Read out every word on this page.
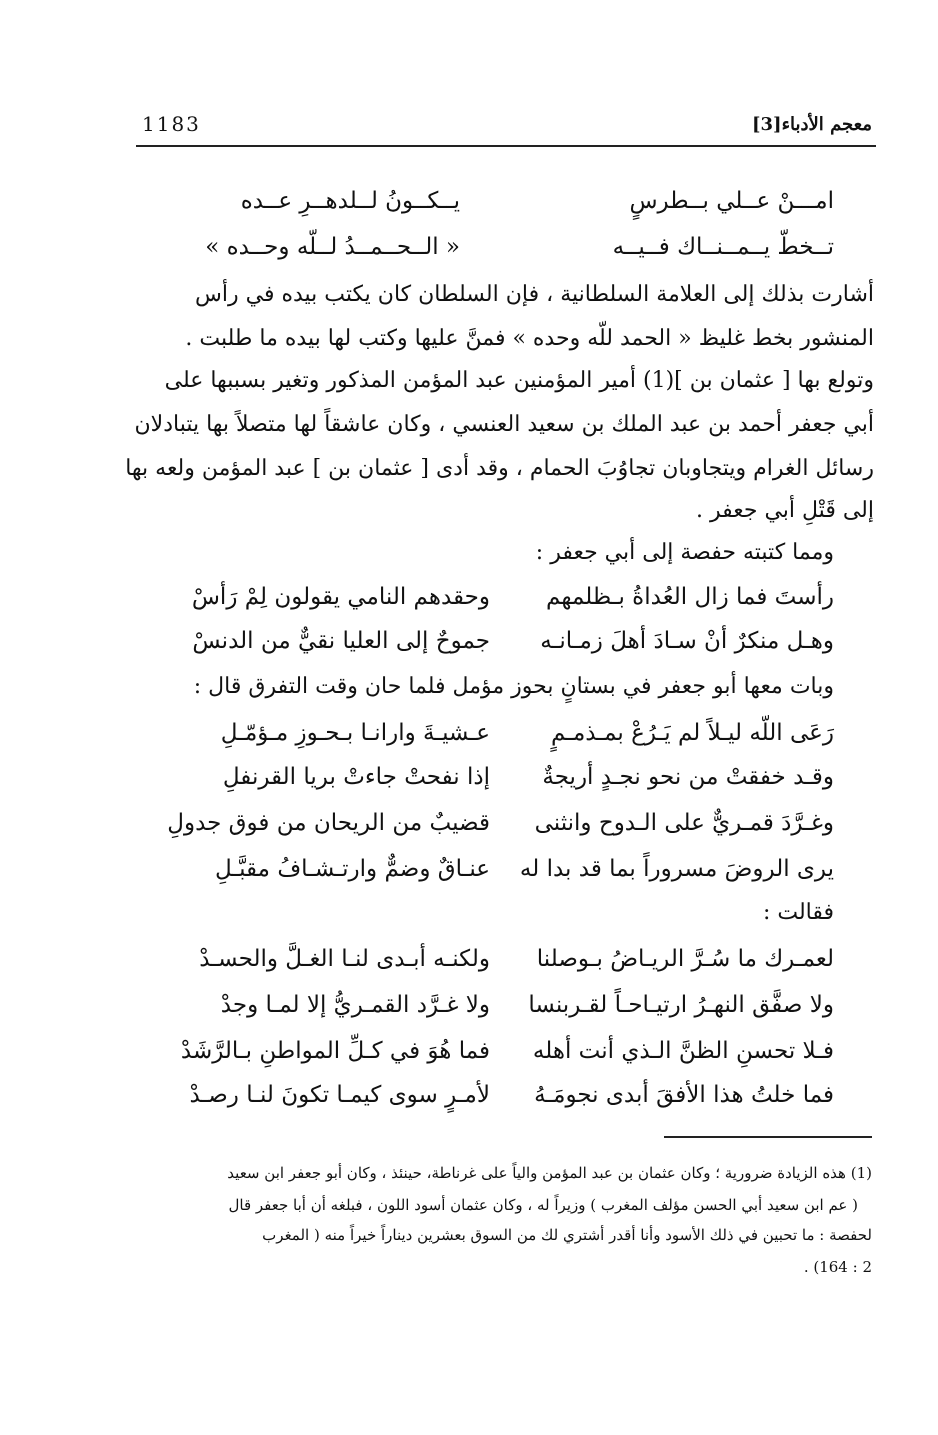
1183	معجم الأدباء[3]
امـــنْ عــلي بــطرسٍ
يــكــونُ لــلدهــرِ عــده
تــخطّ يــمــنــاك فــيــه
« الــحــمــدُ لــلّه وحــده »
أشارت بذلك إلى العلامة السلطانية ، فإن السلطان كان يكتب بيده في رأس
المنشور بخط غليظ « الحمد للّه وحده » فمنَّ عليها وكتب لها بيده ما طلبت .
وتولع بها [ عثمان بن ](1) أمير المؤمنين عبد المؤمن المذكور وتغير بسببها على
أبي جعفر أحمد بن عبد الملك بن سعيد العنسي ، وكان عاشقاً لها متصلاً بها يتبادلان
رسائل الغرام ويتجاوبان تجاوُبَ الحمام ، وقد أدى [ عثمان بن ] عبد المؤمن ولعه بها
إلى قَتْلِ أبي جعفر .
ومما كتبته حفصة إلى أبي جعفر :
رأستَ فما زال العُداةُ بـظلمهم
وحقدهم النامي يقولون لِمْ رَأسْ
وهـل منكرٌ أنْ سـادَ أهلَ زمـانـه
جموحٌ إلى العليا نقيٌّ من الدنسْ
وبات معها أبو جعفر في بستانٍ بحوز مؤمل فلما حان وقت التفرق قال :
رَعَى اللّه ليـلاً لم يَـرُعْ بمـذمـمٍ
عـشيـةَ وارانـا بـحـوزِ مـؤمّـلِ
وقـد خفقتْ من نحو نجـدٍ أريجةٌ
إذا نفحتْ جاءتْ بريا القرنفلِ
وغـرَّدَ قمـريٌّ على الـدوح وانثنى
قضيبٌ من الريحان من فوق جدولِ
يرى الروضَ مسروراً بما قد بدا له
عنـاقٌ وضمٌّ وارتـشـافُ مقبَّـلِ
فقالت :
لعمـرك ما سُـرَّ الريـاضُ بـوصلنا
ولكنـه أبـدى لنـا الغـلَّ والحسـدْ
ولا صفَّق النهـرُ ارتيـاحـاً لقـربنسا
ولا غـرَّد القمـريُّ إلا لمـا وجدْ
فـلا تحسنِ الظنَّ الـذي أنت أهله
فما هُوَ في كـلِّ المواطنِ بـالرَّشَدْ
فما خلتُ هذا الأفقَ أبدى نجومَـهُ
لأمـرٍ سوى كيمـا تكونَ لنـا رصـدْ
(1) هذه الزيادة ضرورية ؛ وكان عثمان بن عبد المؤمن والياً على غرناطة، حينئذ ، وكان أبو جعفر ابن سعيد
( عم ابن سعيد أبي الحسن مؤلف المغرب ) وزيراً له ، وكان عثمان أسود اللون ، فبلغه أن أبا جعفر قال
لحفصة : ما تحبين في ذلك الأسود وأنا أقدر أشتري لك من السوق بعشرين ديناراً خيراً منه ( المغرب
2 : 164) .
